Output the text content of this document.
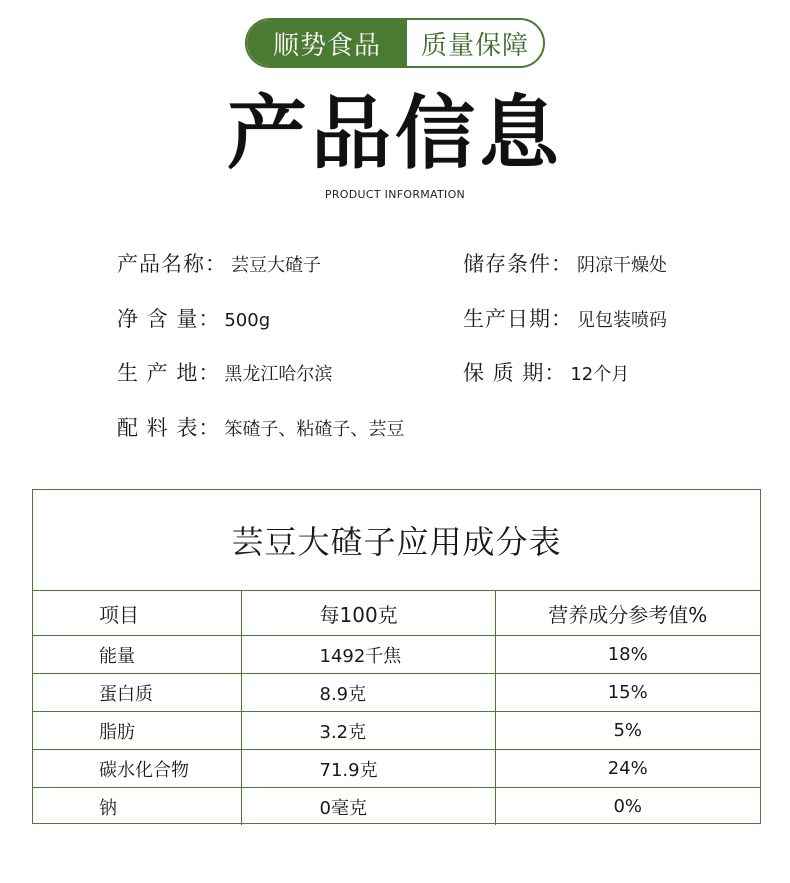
顺势食品	质量保障
产品信息
PRODUCT INFORMATION
产品名称： 芸豆大碴子	储存条件： 阴凉干燥处
净 含 量： 500g	生产日期： 见包装喷码
生 产 地： 黑龙江哈尔滨	保 质 期： 12个月
配 料 表： 笨碴子、粘碴子、芸豆
芸豆大碴子应用成分表
项目	每100克	营养成分参考值%
能量	1492千焦	18%
蛋白质	8.9克	15%
脂肪	3.2克	5%
碳水化合物	71.9克	24%
钠	0毫克	0%
